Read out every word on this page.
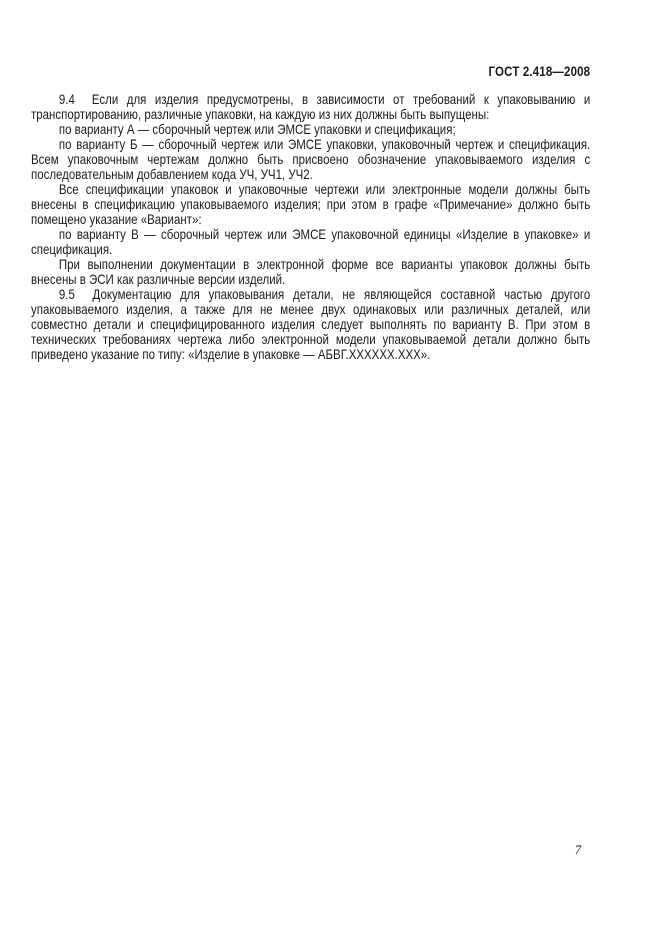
ГОСТ 2.418—2008

9.4  Если для изделия предусмотрены, в зависимости от требований к упаковыванию и транспортированию, различные упаковки, на каждую из них должны быть выпущены:

по варианту А — сборочный чертеж или ЭМСЕ упаковки и спецификация;

по варианту Б — сборочный чертеж или ЭМСЕ упаковки, упаковочный чертеж и спецификация. Всем упаковочным чертежам должно быть присвоено обозначение упаковываемого изделия с последовательным добавлением кода УЧ, УЧ1, УЧ2.

Все спецификации упаковок и упаковочные чертежи или электронные модели должны быть внесены в спецификацию упаковываемого изделия; при этом в графе «Примечание» должно быть помещено указание «Вариант»:

по варианту В — сборочный чертеж или ЭМСЕ упаковочной единицы «Изделие в упаковке» и спецификация.

При выполнении документации в электронной форме все варианты упаковок должны быть внесены в ЭСИ как различные версии изделий.

9.5  Документацию для упаковывания детали, не являющейся составной частью другого упаковываемого изделия, а также для не менее двух одинаковых или различных деталей, или совместно детали и специфицированного изделия следует выполнять по варианту В. При этом в технических требованиях чертежа либо электронной модели упаковываемой детали должно быть приведено указание по типу: «Изделие в упаковке — АБВГ.ХХХХХХ.ХХХ».

7
